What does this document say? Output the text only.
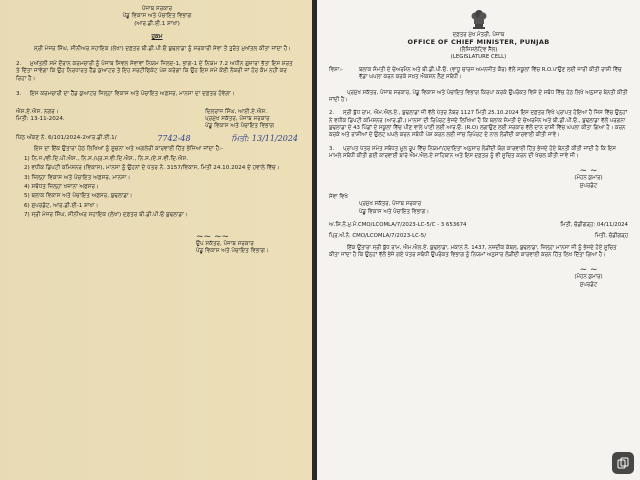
ਪੰਜਾਬ ਸਰਕਾਰ
ਪੇਂਡੂ ਵਿਕਾਸ ਅਤੇ ਪੰਚਾਇਤ ਵਿਭਾਗ
(ਆਰ.ਡੀ.ਈ.1 ਸ਼ਾਖਾ)
ਹੁਕਮ
ਸ੍ਰੀ ਮੇਜਰ ਸਿੰਘ, ਸੀਨੀਅਰ ਸਹਾਇਕ (ਲੇਖਾ) ਦਫ਼ਤਰ ਬੀ.ਡੀ.ਪੀ.ਓ ਬੁਢਲਾਡਾ ਨੂੰ ਸਰਕਾਰੀ ਸੇਵਾ ਤੋਂ ਤੁਰੰਤ ਮੁਅੱਤਲ ਕੀਤਾ ਜਾਂਦਾ ਹੈ।
2. ਮੁਅੱਤਲੀ ਸਮੇਂ ਦੌਰਾਨ ਕਰਮਚਾਰੀ ਨੂੰ ਪੰਜਾਬ ਸਿਵਲ ਸੇਵਾਵਾਂ ਨਿਯਮ ਜਿਲਦ-1, ਭਾਗ-1 ਦੇ ਨਿਯਮ 7.2 ਅਧੀਨ ਗੁਜ਼ਾਰਾ ਭੱਤਾ ਇਸ ਸ਼ਰਤ ਤੇ ਦਿੱਤਾ ਜਾਵੇਗਾ ਕਿ ਉਹ ਨਿਰਧਾਰਤ ਹੈੱਡ ਕੁਆਟਰ ਤੇ ਇਹ ਸਰਟੀਫਿਕੇਟ ਪੇਸ਼ ਕਰੇਗਾ ਕਿ ਉਹ ਇਸ ਸਮੇਂ ਕੋਈ ਨੌਕਰੀ ਜਾਂ ਹੋਰ ਕੰਮ ਨਹੀਂ ਕਰ ਰਿਹਾ ਹੈ।
3. ਇਸ ਕਰਮਚਾਰੀ ਦਾ ਹੈੱਡ ਕੁਆਟਰ ਜਿਲ੍ਹਾ ਵਿਕਾਸ ਅਤੇ ਪੰਚਾਇਤ ਅਫ਼ਸਰ, ਮਾਨਸਾ ਦਾ ਦਫ਼ਤਰ ਹੋਵੇਗਾ।
ਐਸ.ਏ.ਐਸ. ਨਗਰ।
ਮਿਤੀ: 13-11-2024.
ਦਿਲਰਾਜ ਸਿੰਘ, ਆਈ.ਏ.ਐਸ.
ਪ੍ਰਮੁੱਖ ਸਕੱਤਰ, ਪੰਜਾਬ ਸਰਕਾਰ
ਪੇਂਡੂ ਵਿਕਾਸ ਅਤੇ ਪੰਚਾਇਤ ਵਿਭਾਗ
ਪਿੱਠ ਅੰਕਣ ਨੰ. 6/101/2024-2ਆਰ.ਡੀ.ਈ.1/	7742-48	ਮਿਤੀ: 13/11/2024
ਇਸ ਦਾ ਇੱਕ ਉਤਾਰਾ ਹੇਠ ਲਿਖਿਆਂ ਨੂੰ ਸੂਚਨਾ ਅਤੇ ਅਗਲੇਰੀ ਕਾਰਵਾਈ ਹਿੱਤ ਭੇਜਿਆ ਜਾਂਦਾ ਹੈ:-
1) ਨਿ.ਜ./ਵੀ.ਦਿ.ਪੀ.ਐਸ., ਨਿ.ਸ./ਪ੍ਰ.ਸ.ਵੀ.ਦਿ.ਐਸ., ਨਿ.ਸ./ਏ.ਸ.ਵੀ.ਦਿ.ਐਸ.
2) ਵਧੀਕ ਡਿਪਟੀ ਕਮਿਸ਼ਨਰ (ਵਿਕਾਸ), ਮਾਨਸਾ ਨੂੰ ਉਹਨਾਂ ਦੇ ਪੱਤਰ ਨੰ. 3157/ਵਿਕਾਸ, ਮਿਤੀ 24.10.2024 ਦੇ ਹਵਾਲੇ ਵਿੱਚ।
3) ਜ਼ਿਲ੍ਹਾ ਵਿਕਾਸ ਅਤੇ ਪੰਚਾਇਤ ਅਫ਼ਸਰ, ਮਾਨਸਾ।
4) ਸਬੰਧਤ ਜ਼ਿਲ੍ਹਾ ਖਜ਼ਾਨਾ ਅਫ਼ਸਰ।
5) ਬਲਾਕ ਵਿਕਾਸ ਅਤੇ ਪੰਚਾਇਤ ਅਫ਼ਸਰ, ਬੁਢਲਾਡਾ।
6) ਸੁਪਰਡੰਟ, ਆਰ.ਡੀ.ਈ-1 ਸ਼ਾਖਾ।
7) ਸ੍ਰੀ ਮੇਜਰ ਸਿੰਘ, ਸੀਨੀਅਰ ਸਹਾਇਕ (ਲੇਖਾ) ਦਫ਼ਤਰ ਬੀ.ਡੀ.ਪੀ.ਓ ਬੁਢਲਾਡਾ।
~~ ~~
ਉਪ ਸਕੱਤਰ, ਪੰਜਾਬ ਸਰਕਾਰ
ਪੇਂਡੂ ਵਿਕਾਸ ਅਤੇ ਪੰਚਾਇਤ ਵਿਭਾਗ।
ਦਫ਼ਤਰ ਮੁੱਖ ਮੰਤਰੀ, ਪੰਜਾਬ
OFFICE OF CHIEF MINISTER, PUNJAB
(ਲੈਜਿਸਲੇਟਿਵ ਸੈੱਲ)
(LEGISLATURE CELL)
ਵਿਸ਼ਾ:-	ਬਲਾਕ ਸੰਮਤੀ ਦੇ ਚੇਅਰਮੈਨ ਅਤੇ ਬੀ.ਡੀ.ਪੀ.ਓ. (ਵਾਧੂ ਚਾਰਜ ਅਮਨਜੀਤ ਕੌਰ) ਵੱਲੋਂ ਸਕੂਲਾਂ ਵਿੱਚ R.O.ਪਾਉਣ ਲਈ ਜਾਰੀ ਕੀਤੀ ਰਾਸ਼ੀ ਵਿੱਚ ਵੱਡਾ ਘਪਲਾ ਕਰਨ ਕਰਕੇ ਸਖ਼ਤ ਐਕਸ਼ਨ ਲੈਣ ਸਬੰਧੀ।
ਪ੍ਰਮੁੱਖ ਸਕੱਤਰ, ਪੰਜਾਬ ਸਰਕਾਰ, ਪੇਂਡੂ ਵਿਕਾਸ ਅਤੇ ਪੰਚਾਇਤ ਵਿਭਾਗ ਕਿਰਪਾ ਕਰਕੇ ਉਪਰੋਕਤ ਵਿਸ਼ੇ ਦੇ ਸਬੰਧ ਵਿੱਚ ਹੇਠ ਲਿਖੇ ਅਨੁਸਾਰ ਬੇਨਤੀ ਕੀਤੀ ਜਾਂਦੀ ਹੈ।
2. ਸ੍ਰੀ ਬੁੱਧ ਰਾਮ, ਐਮ.ਐਲ.ਏ., ਬੁਢਲਾਡਾ ਜੀ ਵੱਲੋਂ ਪੱਤਰ ਨੰਬਰ 1127 ਮਿਤੀ 25.10.2024 ਇਸ ਦਫ਼ਤਰ ਵਿਖੇ ਪ੍ਰਾਪਤ ਹੋਇਆ ਹੈ ਜਿਸ ਵਿੱਚ ਉਨ੍ਹਾਂ ਨੇ ਵਧੀਕ ਡਿਪਟੀ ਕਮਿਸ਼ਨਰ (ਆਰ.ਡੀ.) ਮਾਨਸਾ ਦੀ ਰਿਪੋਰਟ ਭੇਜਦੇ ਲਿਖਿਆ ਹੈ ਕਿ ਬਲਾਕ ਸੰਮਤੀ ਦੇ ਚੇਅਰਮੈਨ ਅਤੇ ਬੀ.ਡੀ.ਪੀ.ਓ., ਬੁਢਲਾਡਾ ਵੱਲੋਂ ਪਰਗਨਾ ਬੁਢਲਾਡਾ ਦੇ 43 ਪਿੰਡਾਂ ਦੇ ਸਕੂਲਾਂ ਵਿੱਚ ਪੀਣ ਵਾਲੇ ਪਾਣੀ ਲਈ ਆਰ.ਓ. (R.O) ਲਗਾਉਣ ਲਈ ਸਰਕਾਰ ਵੱਲੋਂ ਦਾਨ ਰਾਸ਼ੀ ਵਿੱਚ ਘਪਲਾ ਕੀਤਾ ਗਿਆ ਹੈ। ਕਰਨ ਕਰਕੇ ਅਤੇ ਰਾਸ਼ੀਆਂ ਦੇ ਉਲਟ ਘਪਲੇ ਕਰਨ ਸਬੰਧੀ ਪੇਸ਼ ਕਰਨ ਲਈ ਜਾਂਚ ਰਿਪੋਰਟ ਦੇ ਨਾਲ ਲੋੜੀਂਦੀ ਕਾਰਵਾਈ ਕੀਤੀ ਜਾਵੇ।
3. ਪ੍ਰਾਪਤ ਪੱਤਰ ਸਮੇਤ ਸਬੰਧਤ ਮੂਲ ਰੂਪ ਵਿੱਚ ਨਿਯਮਾਂ/ਹਦਾਇਤਾਂ ਅਨੁਸਾਰ ਲੋੜੀਂਦੀ ਯੋਗ ਕਾਰਵਾਈ ਹਿੱਤ ਭੇਜਦੇ ਹੋਏ ਬੇਨਤੀ ਕੀਤੀ ਜਾਂਦੀ ਹੈ ਕਿ ਇਸ ਮਾਮਲੇ ਸਬੰਧੀ ਕੀਤੀ ਗਈ ਕਾਰਵਾਈ ਬਾਰੇ ਐਮ.ਐਲ.ਏ ਸਾਹਿਬਾਨ ਅਤੇ ਇਸ ਦਫ਼ਤਰ ਨੂੰ ਵੀ ਸੂਚਿਤ ਕਰਨ ਦੀ ਖੇਚਲ ਕੀਤੀ ਜਾਵੇ ਜੀ।
~ ~
(ਮੋਹਨ ਕੁਮਾਰ)
ਸੁਪਰਡੰਟ
ਸੇਵਾ ਵਿਖੇ
ਪ੍ਰਮੁੱਖ ਸਕੱਤਰ, ਪੰਜਾਬ ਸਰਕਾਰ
ਪੇਂਡੂ ਵਿਕਾਸ ਅਤੇ ਪੰਚਾਇਤ ਵਿਭਾਗ।
ਅ.ਸ਼ਿ.ਨੰ.ਮੁ.ਮੰ.CMO/LCOMLA/7/2023-LC-5/C - 3 653674	ਮਿਤੀ, ਚੰਡੀਗੜ੍ਹ: 04/11/2024
ਪ੍ਰਿ.ਅੰ.ਨੰ. CMO/LCOMLA/7/2023-LC-5/	ਮਿਤੀ, ਚੰਡੀਗੜ੍ਹ
ਇੱਕ ਉਤਾਰਾ ਸ੍ਰੀ ਬੁੱਧ ਰਾਮ, ਐਮ.ਐਲ.ਏ. ਬੁਢਲਾਡਾ, ਮਕਾਨ ਨੰ. 1437, ਨਜ਼ਦੀਕ ਕੇਬਲ, ਬੁਢਲਾਡਾ, ਜ਼ਿਲ੍ਹਾ ਮਾਨਸਾ ਜੀ ਨੂੰ ਭੇਜਦੇ ਹੋਏ ਸੂਚਿਤ ਕੀਤਾ ਜਾਂਦਾ ਹੈ ਕਿ ਉਨ੍ਹਾਂ ਵੱਲੋਂ ਭੇਜੇ ਗਏ ਪੱਤਰ ਸਬੰਧੀ ਉਪਰੋਕਤ ਵਿਭਾਗ ਨੂੰ ਨਿਯਮਾਂ ਅਨੁਸਾਰ ਲੋੜੀਂਦੀ ਕਾਰਵਾਈ ਕਰਨ ਹਿੱਤ ਲਿਖ ਦਿੱਤਾ ਗਿਆ ਹੈ।
~ ~
(ਮੋਹਨ ਕੁਮਾਰ)
ਸੁਪਰਡੰਟ
